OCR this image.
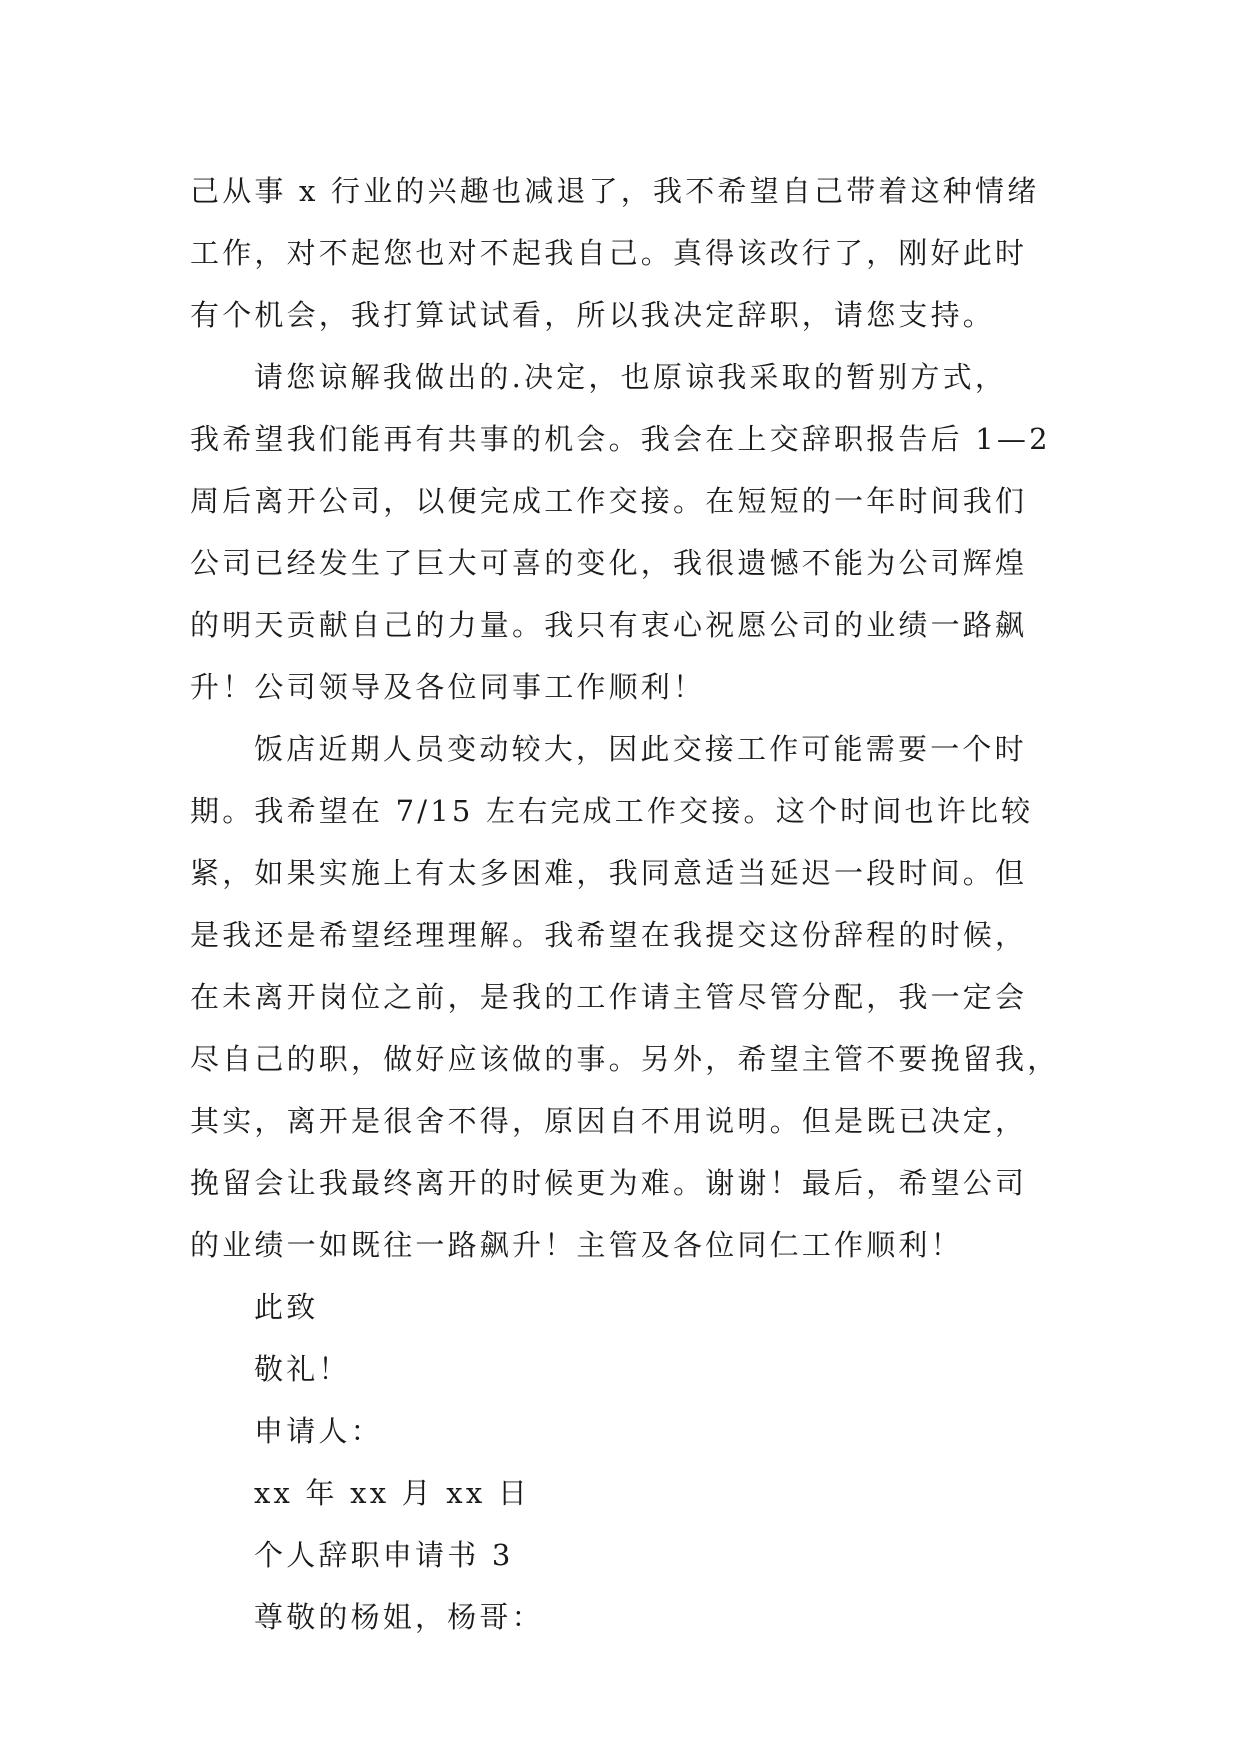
己从事 x 行业的兴趣也减退了，我不希望自己带着这种情绪
工作，对不起您也对不起我自己。真得该改行了，刚好此时
有个机会，我打算试试看，所以我决定辞职，请您支持。
请您谅解我做出的.决定，也原谅我采取的暂别方式，
我希望我们能再有共事的机会。我会在上交辞职报告后 1—2
周后离开公司，以便完成工作交接。在短短的一年时间我们
公司已经发生了巨大可喜的变化，我很遗憾不能为公司辉煌
的明天贡献自己的力量。我只有衷心祝愿公司的业绩一路飙
升！公司领导及各位同事工作顺利！
饭店近期人员变动较大，因此交接工作可能需要一个时
期。我希望在 7/15 左右完成工作交接。这个时间也许比较
紧，如果实施上有太多困难，我同意适当延迟一段时间。但
是我还是希望经理理解。我希望在我提交这份辞程的时候，
在未离开岗位之前，是我的工作请主管尽管分配，我一定会
尽自己的职，做好应该做的事。另外，希望主管不要挽留我，
其实，离开是很舍不得，原因自不用说明。但是既已决定，
挽留会让我最终离开的时候更为难。谢谢！最后，希望公司
的业绩一如既往一路飙升！主管及各位同仁工作顺利！
此致
敬礼！
申请人：
xx 年 xx 月 xx 日
个人辞职申请书 3
尊敬的杨姐，杨哥：
